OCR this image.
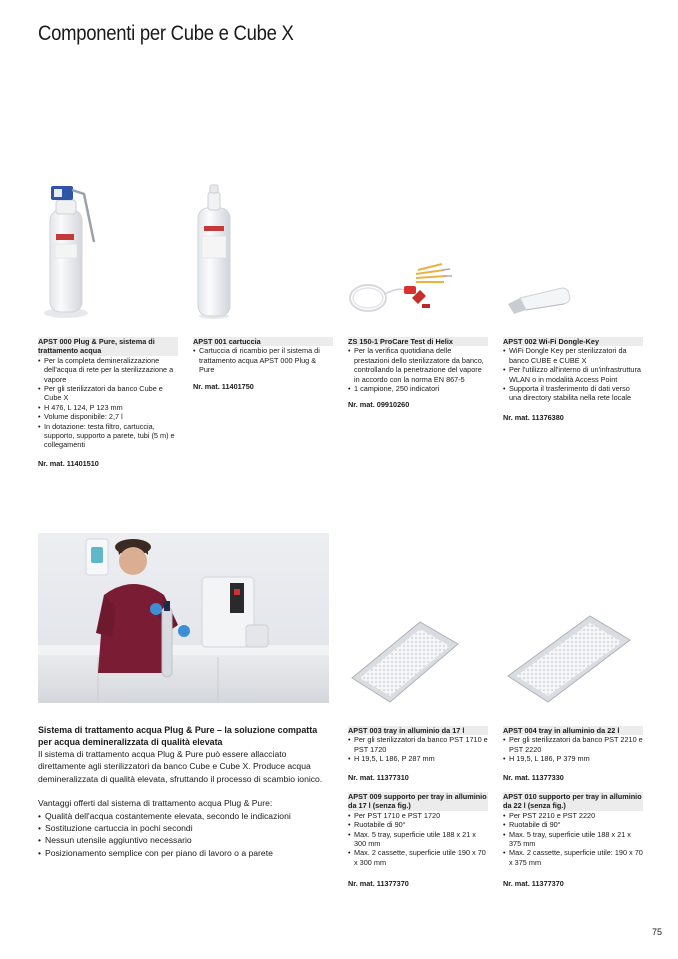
Componenti per Cube e Cube X
APST 000 Plug & Pure, sistema di trattamento acqua
• Per la completa demineralizzazione dell'acqua di rete per la sterilizzazione a vapore
• Per gli sterilizzatori da banco Cube e Cube X
• H 476, L 124, P 123 mm
• Volume disponibile: 2,7 l
• In dotazione: testa filtro, cartuccia, supporto, supporto a parete, tubi (5 m) e collegamenti
Nr. mat. 11401510
APST 001 cartuccia
• Cartuccia di ricambio per il sistema di trattamento acqua APST 000 Plug & Pure
Nr. mat. 11401750
ZS 150-1 ProCare Test di Helix
• Per la verifica quotidiana delle prestazioni dello sterilizzatore da banco, controllando la penetrazione del vapore in accordo con la norma EN 867-5
• 1 campione, 250 indicatori
Nr. mat. 09910260
APST 002 Wi-Fi Dongle-Key
• WiFi Dongle Key per sterilizzatori da banco CUBE e CUBE X
• Per l'utilizzo all'interno di un'infrastruttura WLAN o in modalità Access Point
• Supporta il trasferimento di dati verso una directory stabilita nella rete locale
Nr. mat. 11376380
Sistema di trattamento acqua Plug & Pure – la soluzione compatta per acqua demineralizzata di qualità elevata

Il sistema di trattamento acqua Plug & Pure può essere allacciato direttamente agli sterilizzatori da banco Cube e Cube X. Produce acqua demineralizzata di qualità elevata, sfruttando il processo di scambio ionico.

Vantaggi offerti dal sistema di trattamento acqua Plug & Pure:

• Qualità dell'acqua costantemente elevata, secondo le indicazioni
• Sostituzione cartuccia in pochi secondi
• Nessun utensile aggiuntivo necessario
• Posizionamento semplice con per piano di lavoro o a parete
APST 003 tray in alluminio da 17 l
• Per gli sterilizzatori da banco PST 1710 e PST 1720
• H 19,5, L 186, P 287 mm
Nr. mat. 11377310
APST 009 supporto per tray in alluminio da 17 l (senza fig.)
• Per PST 1710 e PST 1720
• Ruotabile di 90°
• Max. 5 tray, superficie utile 188 x 21 x 300 mm
• Max. 2 cassette, superficie utile 190 x 70 x 300 mm
Nr. mat. 11377370
APST 004 tray in alluminio da 22 l
• Per gli sterilizzatori da banco PST 2210 e PST 2220
• H 19,5, L 186, P 379 mm
Nr. mat. 11377330
APST 010 supporto per tray in alluminio da 22 l (senza fig.)
• Per PST 2210 e PST 2220
• Ruotabile di 90°
• Max. 5 tray, superficie utile 188 x 21 x 375 mm
• Max. 2 cassette, superficie utile: 190 x 70 x 375 mm
Nr. mat. 11377370
75
